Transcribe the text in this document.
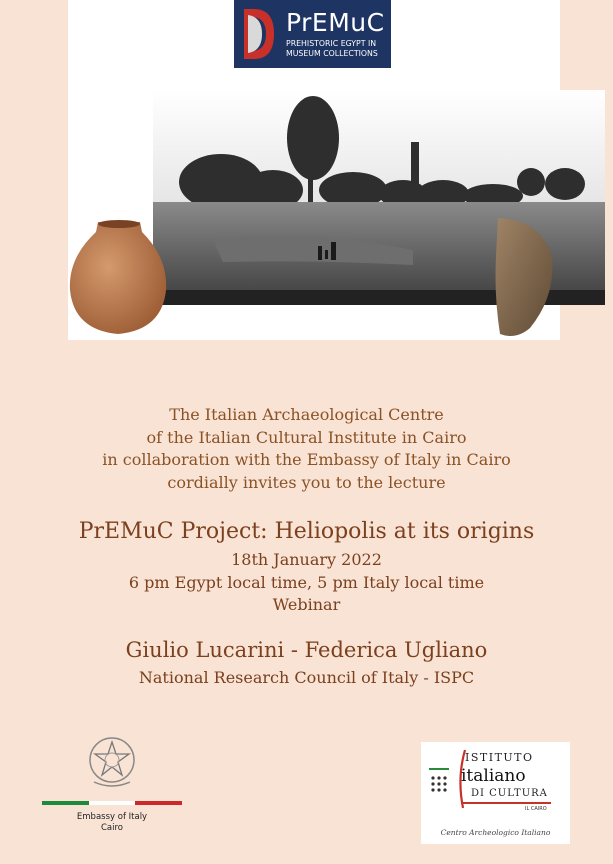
PrEMuC
PREHISTORIC EGYPT IN
MUSEUM COLLECTIONS
The Italian Archaeological Centre
of the Italian Cultural Institute in Cairo
in collaboration with the Embassy of Italy in Cairo
cordially invites you to the lecture
PrEMuC Project: Heliopolis at its origins
18th January 2022
6 pm Egypt local time, 5 pm Italy local time
Webinar
Giulio Lucarini - Federica Ugliano
National Research Council of Italy - ISPC
Embassy of Italy
Cairo
ISTITUTO
italiano
DI CULTURA
IL CAIRO
Centro Archeologico Italiano
